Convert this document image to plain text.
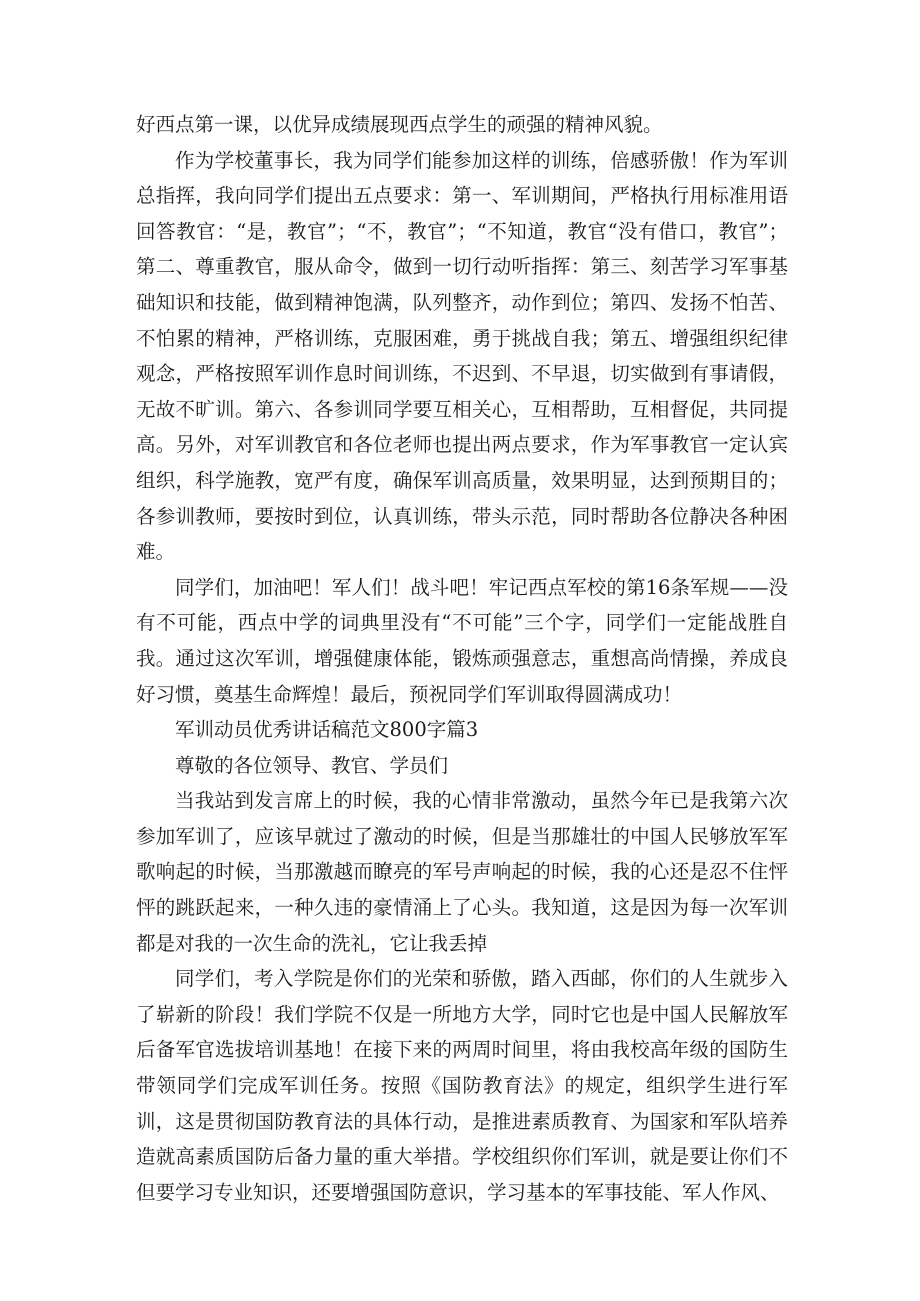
好西点第一课，以优异成绩展现西点学生的顽强的精神风貌。

作为学校董事长，我为同学们能参加这样的训练，倍感骄傲！作为军训总指挥，我向同学们提出五点要求：第一、军训期间，严格执行用标准用语回答教官：“是，教官”；“不，教官”；“不知道，教官“没有借口，教官”；第二、尊重教官，服从命令，做到一切行动听指挥：第三、刻苦学习军事基础知识和技能，做到精神饱满，队列整齐，动作到位；第四、发扬不怕苦、不怕累的精神，严格训练，克服困难，勇于挑战自我；第五、增强组织纪律观念，严格按照军训作息时间训练，不迟到、不早退，切实做到有事请假，无故不旷训。第六、各参训同学要互相关心，互相帮助，互相督促，共同提高。另外，对军训教官和各位老师也提出两点要求，作为军事教官一定认宾组织，科学施教，宽严有度，确保军训高质量，效果明显，达到预期目的；各参训教师，要按时到位，认真训练，带头示范，同时帮助各位静决各种困难。

同学们，加油吧！军人们！战斗吧！牢记西点军校的第16条军规——没有不可能，西点中学的词典里没有“不可能”三个字，同学们一定能战胜自我。通过这次军训，增强健康体能，锻炼顽强意志，重想高尚情操，养成良好习惯，奠基生命辉煌！最后，预祝同学们军训取得圆满成功！

军训动员优秀讲话稿范文800字篇3

尊敬的各位领导、教官、学员们

当我站到发言席上的时候，我的心情非常激动，虽然今年已是我第六次参加军训了，应该早就过了激动的时候，但是当那雄壮的中国人民够放军军歌响起的时候，当那激越而瞭亮的军号声响起的时候，我的心还是忍不住怦怦的跳跃起来，一种久违的豪情涌上了心头。我知道，这是因为每一次军训都是对我的一次生命的洗礼，它让我丢掉

同学们，考入学院是你们的光荣和骄傲，踏入西邮，你们的人生就步入了崭新的阶段！我们学院不仅是一所地方大学，同时它也是中国人民解放军后备军官选拔培训基地！在接下来的两周时间里，将由我校高年级的国防生带领同学们完成军训任务。按照《国防教育法》的规定，组织学生进行军训，这是贯彻国防教育法的具体行动，是推进素质教育、为国家和军队培养造就高素质国防后备力量的重大举措。学校组织你们军训，就是要让你们不但要学习专业知识，还要增强国防意识，学习基本的军事技能、军人作风、
